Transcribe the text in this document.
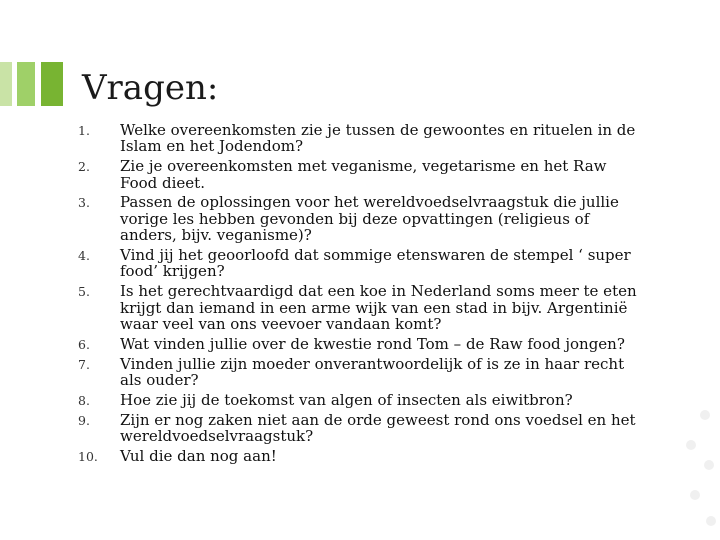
Vragen:
1.	Welke overeenkomsten zie je tussen de gewoontes en rituelen in de Islam en het Jodendom?
2.	Zie je overeenkomsten met veganisme, vegetarisme en het Raw Food dieet.
3.	Passen de oplossingen voor het wereldvoedselvraagstuk die jullie vorige les hebben gevonden bij deze opvattingen (religieus of anders, bijv. veganisme)?
4.	Vind jij het geoorloofd dat sommige etenswaren de stempel ‘ super food’ krijgen?
5.	Is het gerechtvaardigd dat een koe in Nederland soms meer te eten krijgt dan iemand in een arme wijk van een stad in bijv. Argentinië waar veel van ons veevoer vandaan komt?
6.	Wat vinden jullie over de kwestie rond Tom – de Raw food jongen?
7.	Vinden jullie zijn moeder onverantwoordelijk of is ze in haar recht als ouder?
8.	Hoe zie jij de toekomst van algen of insecten als eiwitbron?
9.	Zijn er nog zaken niet aan de orde geweest rond ons voedsel en het wereldvoedselvraagstuk?
10.	Vul die dan nog aan!
